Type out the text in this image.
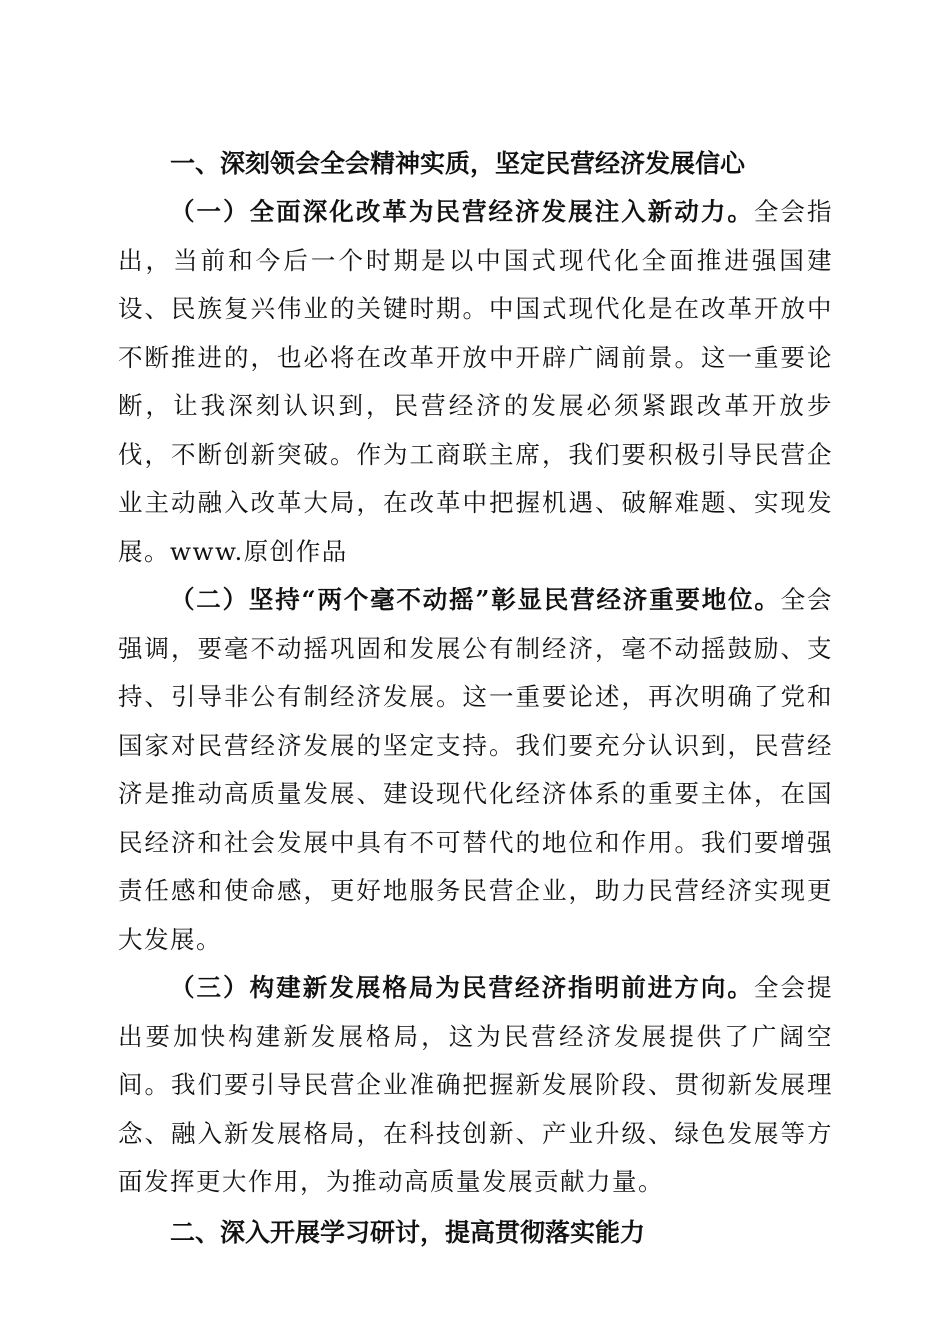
一、深刻领会全会精神实质，坚定民营经济发展信心

（一）全面深化改革为民营经济发展注入新动力。全会指出，当前和今后一个时期是以中国式现代化全面推进强国建设、民族复兴伟业的关键时期。中国式现代化是在改革开放中不断推进的，也必将在改革开放中开辟广阔前景。这一重要论断，让我深刻认识到，民营经济的发展必须紧跟改革开放步伐，不断创新突破。作为工商联主席，我们要积极引导民营企业主动融入改革大局，在改革中把握机遇、破解难题、实现发展。www.原创作品

（二）坚持“两个毫不动摇”彰显民营经济重要地位。全会强调，要毫不动摇巩固和发展公有制经济，毫不动摇鼓励、支持、引导非公有制经济发展。这一重要论述，再次明确了党和国家对民营经济发展的坚定支持。我们要充分认识到，民营经济是推动高质量发展、建设现代化经济体系的重要主体，在国民经济和社会发展中具有不可替代的地位和作用。我们要增强责任感和使命感，更好地服务民营企业，助力民营经济实现更大发展。

（三）构建新发展格局为民营经济指明前进方向。全会提出要加快构建新发展格局，这为民营经济发展提供了广阔空间。我们要引导民营企业准确把握新发展阶段、贯彻新发展理念、融入新发展格局，在科技创新、产业升级、绿色发展等方面发挥更大作用，为推动高质量发展贡献力量。

二、深入开展学习研讨，提高贯彻落实能力
